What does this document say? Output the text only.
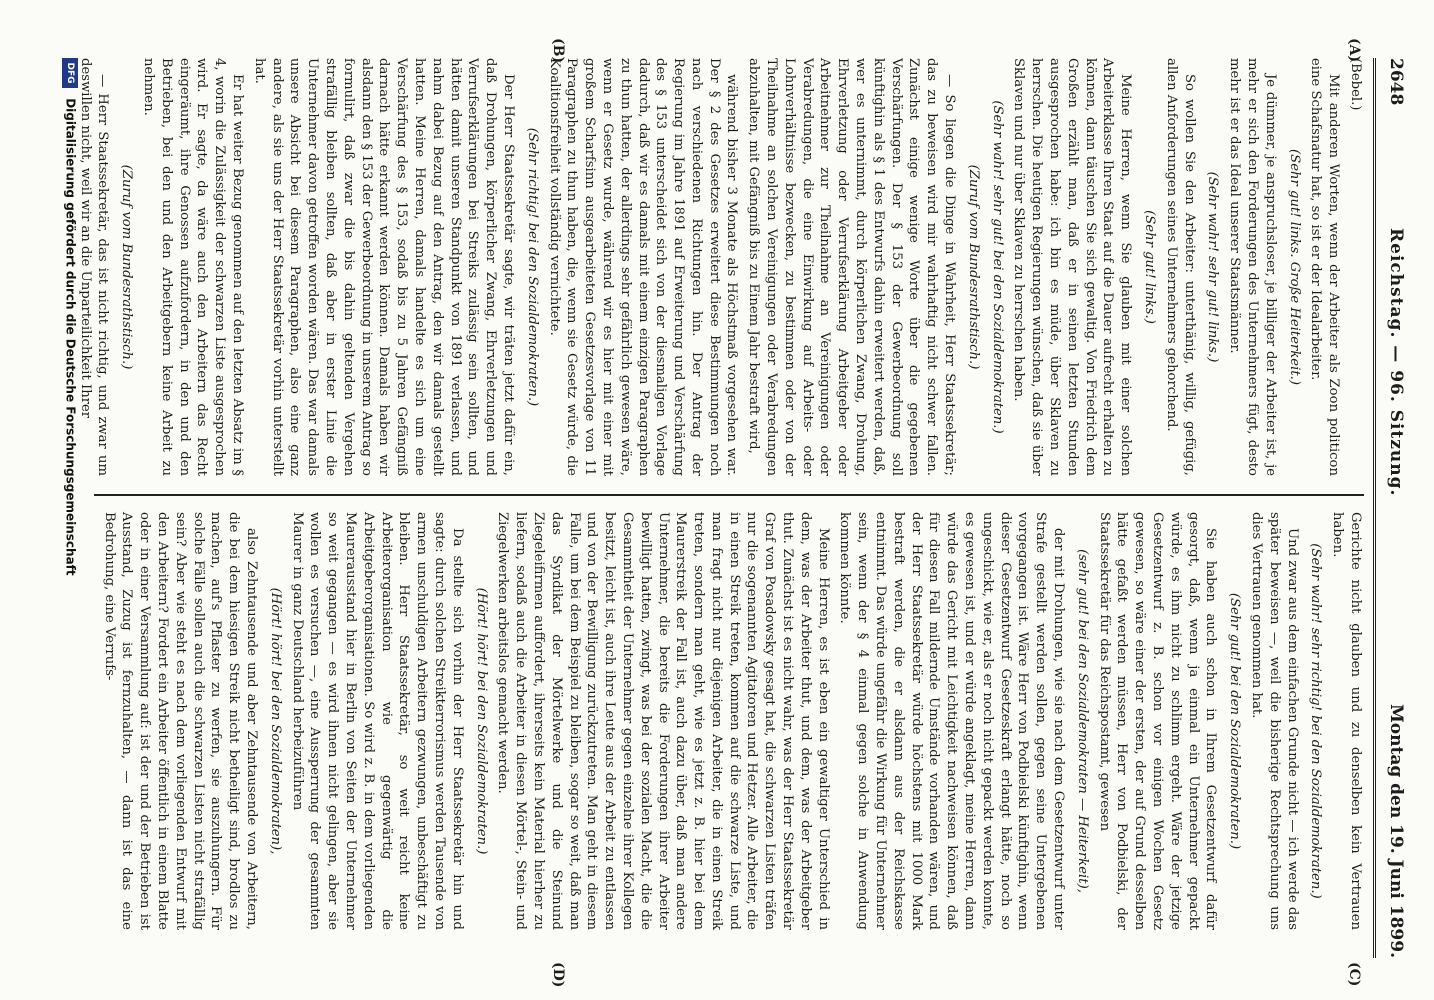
2648
Reichstag. — 96. Sitzung.
Montag den 19. Juni 1899.
(A)
(B)
(C)
(D)

(Bebel.)

Mit anderen Worten, wenn der Arbeiter als Zoon politicon eine Schafsnatur hat, so ist er der Idealarbeiter.

(Sehr gut! links. Große Heiterkeit.)

Je dümmer, je anspruchsloser, je billiger der Arbeiter ist, je mehr er sich den Forderungen des Unternehmers fügt, desto mehr ist er das Ideal unserer Staatsmänner.

(Sehr wahr! sehr gut! links.)

So wollen Sie den Arbeiter: unterthänig, willig, gefügig, allen Anforderungen seines Unternehmers gehorchend.

(Sehr gut! links.)

Meine Herren, wenn Sie glauben mit einer solchen Arbeiterklasse Ihren Staat auf die Dauer aufrecht erhalten zu können, dann täuschen Sie sich gewaltig. Von Friedrich dem Großen erzählt man, daß er in seinen letzten Stunden ausgesprochen habe: ich bin es müde, über Sklaven zu herrschen. Die heutigen Regierungen wünschen, daß sie über Sklaven und nur über Sklaven zu herrschen haben.

(Sehr wahr! sehr gut! bei den Sozialdemokraten.)

(Zuruf vom Bundesrathstisch.)

— So liegen die Dinge in Wahrheit, Herr Staatssekretär; das zu beweisen wird mir wahrhaftig nicht schwer fallen. Zunächst einige wenige Worte über die gegebenen Verschärfungen. Der § 153 der Gewerbeordnung soll künftighin als § 1 des Entwurfs dahin erweitert werden, daß, wer es unternimmt, durch körperlichen Zwang, Drohung, Ehrverletzung oder Verrufserklärung Arbeitgeber oder Arbeitnehmer zur Theilnahme an Vereinigungen oder Verabredungen, die eine Einwirkung auf Arbeits- oder Lohnverhältnisse bezwecken, zu bestimmen oder von der Theilnahme an solchen Vereinigungen oder Verabredungen abzuhalten, mit Gefängniß bis zu Einem Jahr bestraft wird,

während bisher 3 Monate als Höchstmaß vorgesehen war. Der § 2 des Gesetzes erweitert diese Bestimmungen noch nach verschiedenen Richtungen hin. Der Antrag der Regierung im Jahre 1891 auf Erweiterung und Verschärfung des § 153 unterscheidet sich von der diesmaligen Vorlage dadurch, daß wir es damals mit einem einzigen Paragraphen zu thun hatten, der allerdings sehr gefährlich gewesen wäre, wenn er Gesetz wurde, während wir es hier mit einer mit großem Scharfsinn ausgearbeiteten Gesetzesvorlage von 11 Paragraphen zu thun haben, die, wenn sie Gesetz würde, die Koalitionsfreiheit vollständig vernichtete.

(Sehr richtig! bei den Sozialdemokraten.)

Der Herr Staatssekretär sagte, wir träten jetzt dafür ein, daß Drohungen, körperlicher Zwang, Ehrverletzungen und Verrufserklärungen bei Streiks zulässig sein sollten, und hätten damit unseren Standpunkt von 1891 verlassen, und nahm dabei Bezug auf den Antrag, den wir damals gestellt hatten. Meine Herren, damals handelte es sich um eine Verschärfung des § 153, sodaß bis zu 5 Jahren Gefängniß darnach hätte erkannt werden können. Damals haben wir alsdann den § 153 der Gewerbeordnung in unserem Antrag so formulirt, daß zwar die bis dahin geltenden Vergehen strafällig bleiben sollten, daß aber in erster Linie die Unternehmer davon getroffen worden wären. Das war damals unsere Absicht bei diesem Paragraphen, also eine ganz andere, als sie uns der Herr Staatssekretär vorhin unterstellt hat.

Er hat weiter Bezug genommen auf den letzten Absatz im § 4, worin die Zulässigkeit der schwarzen Liste ausgesprochen wird. Er sagte, da wäre auch den Arbeitern das Recht eingeräumt, ihre Genossen aufzufordern, in den und den Betrieben, bei den und den Arbeitgebern keine Arbeit zu nehmen.

(Zuruf vom Bundesrathstisch.)

— Herr Staatssekretär, das ist nicht richtig, und zwar um deswillen nicht, weil wir an die Unparteilichkeit Ihrer

Gerichte nicht glauben und zu denselben kein Vertrauen haben.

(Sehr wahr! sehr richtig! bei den Sozialdemokraten.)

Und zwar aus dem einfachen Grunde nicht — ich werde das später beweisen —, weil die bisherige Rechtsprechung uns dies Vertrauen genommen hat.

(Sehr gut! bei den Sozialdemokraten.)

Sie haben auch schon in Ihrem Gesetzentwurf dafür gesorgt, daß, wenn ja einmal ein Unternehmer gepackt würde, es ihm nicht zu schlimm ergeht. Wäre der jetzige Gesetzentwurf z. B. schon vor einigen Wochen Gesetz gewesen, so wäre einer der ersten, der auf Grund desselben hätte gefaßt werden müssen, Herr von Podbielski, der Staatssekretär für das Reichspostamt, gewesen

(sehr gut! bei den Sozialdemokraten — Heiterkeit),

der mit Drohungen, wie sie nach dem Gesetzentwurf unter Strafe gestellt werden sollen, gegen seine Untergebenen vorgegangen ist. Wäre Herr von Podbielski künftighin, wenn dieser Gesetzentwurf Gesetzeskraft erlangt hätte, noch so ungeschickt, wie er, als er noch nicht gepackt werden konnte, es gewesen ist, und er würde angeklagt, meine Herren, dann würde das Gericht mit Leichtigkeit nachweisen können, daß für diesen Fall mildernde Umstände vorhanden wären, und der Herr Staatssekretär würde höchstens mit 1000 Mark bestraft werden, die er alsdann aus der Reichskasse entnimmt. Das würde ungefähr die Wirkung für Unternehmer sein, wenn der § 4 einmal gegen solche in Anwendung kommen könnte.

Meine Herren, es ist eben ein gewaltiger Unterschied in dem, was der Arbeiter thut, und dem, was der Arbeitgeber thut. Zunächst ist es nicht wahr, was der Herr Staatssekretär Graf von Posadowsky gesagt hat, die schwarzen Listen träfen nur die sogenannten Agitatoren und Hetzer. Alle Arbeiter, die in einen Streik treten, kommen auf die schwarze Liste, und man fragt nicht nur diejenigen Arbeiter, die in einen Streik treten, sondern man geht, wie es jetzt z. B. hier bei dem Maurerstreik der Fall ist, auch dazu über, daß man andere Unternehmer, die bereits die Forderungen ihrer Arbeiter bewilligt hatten, zwingt, was bei der sozialen Macht, die die Gesammtheit der Unternehmer gegen einzelne ihrer Kollegen besitzt, leicht ist, auch ihre Leute aus der Arbeit zu entlassen und von der Bewilligung zurückzutreten. Man geht in diesem Falle, um bei dem Beispiel zu bleiben, sogar so weit, daß man das Syndikat der Mörtelwerke und die Steinund Ziegeleifirmen auffordert, ihrerseits kein Material hierher zu liefern, sodaß auch die Arbeiter in diesen Mörtel-, Stein- und Ziegelwerken arbeitslos gemacht werden.

(Hört! hört! bei den Sozialdemokraten.)

Da stellte sich vorhin der Herr Staatssekretär hin und sagte: durch solchen Streikterrorismus werden Tausende von armen unschuldigen Arbeitern gezwungen, unbeschäftigt zu bleiben. Herr Staatssekretär, so weit reicht keine Arbeiterorganisation wie gegenwärtig die Arbeitgeberorganisationen. So wird z. B. in dem vorliegenden Maurerausstand hier in Berlin von Seiten der Unternehmer so weit gegangen — es wird ihnen nicht gelingen, aber sie wollen es versuchen —, eine Aussperrung der gesammten Maurer in ganz Deutschland herbeizuführen

(Hört! hört! bei den Sozialdemokraten),

also Zehntausende und aber Zehntausende von Arbeitern, die bei dem hiesigen Streik nicht betheiligt sind, brodlos zu machen, auf's Pflaster zu werfen, sie auszuhungern. Für solche Fälle sollen auch die schwarzen Listen nicht strafällig sein? Aber wie steht es nach dem vorliegenden Entwurf mit den Arbeitern? Fordert ein Arbeiter öffentlich in einem Blatte oder in einer Versammlung auf: ist der und der Betrieben ist Ausstand, Zuzug ist fernzuhalten, — dann ist das eine Bedrohung, eine Verrufs-

DFG Digitalisierung gefördert durch die Deutsche Forschungsgemeinschaft
